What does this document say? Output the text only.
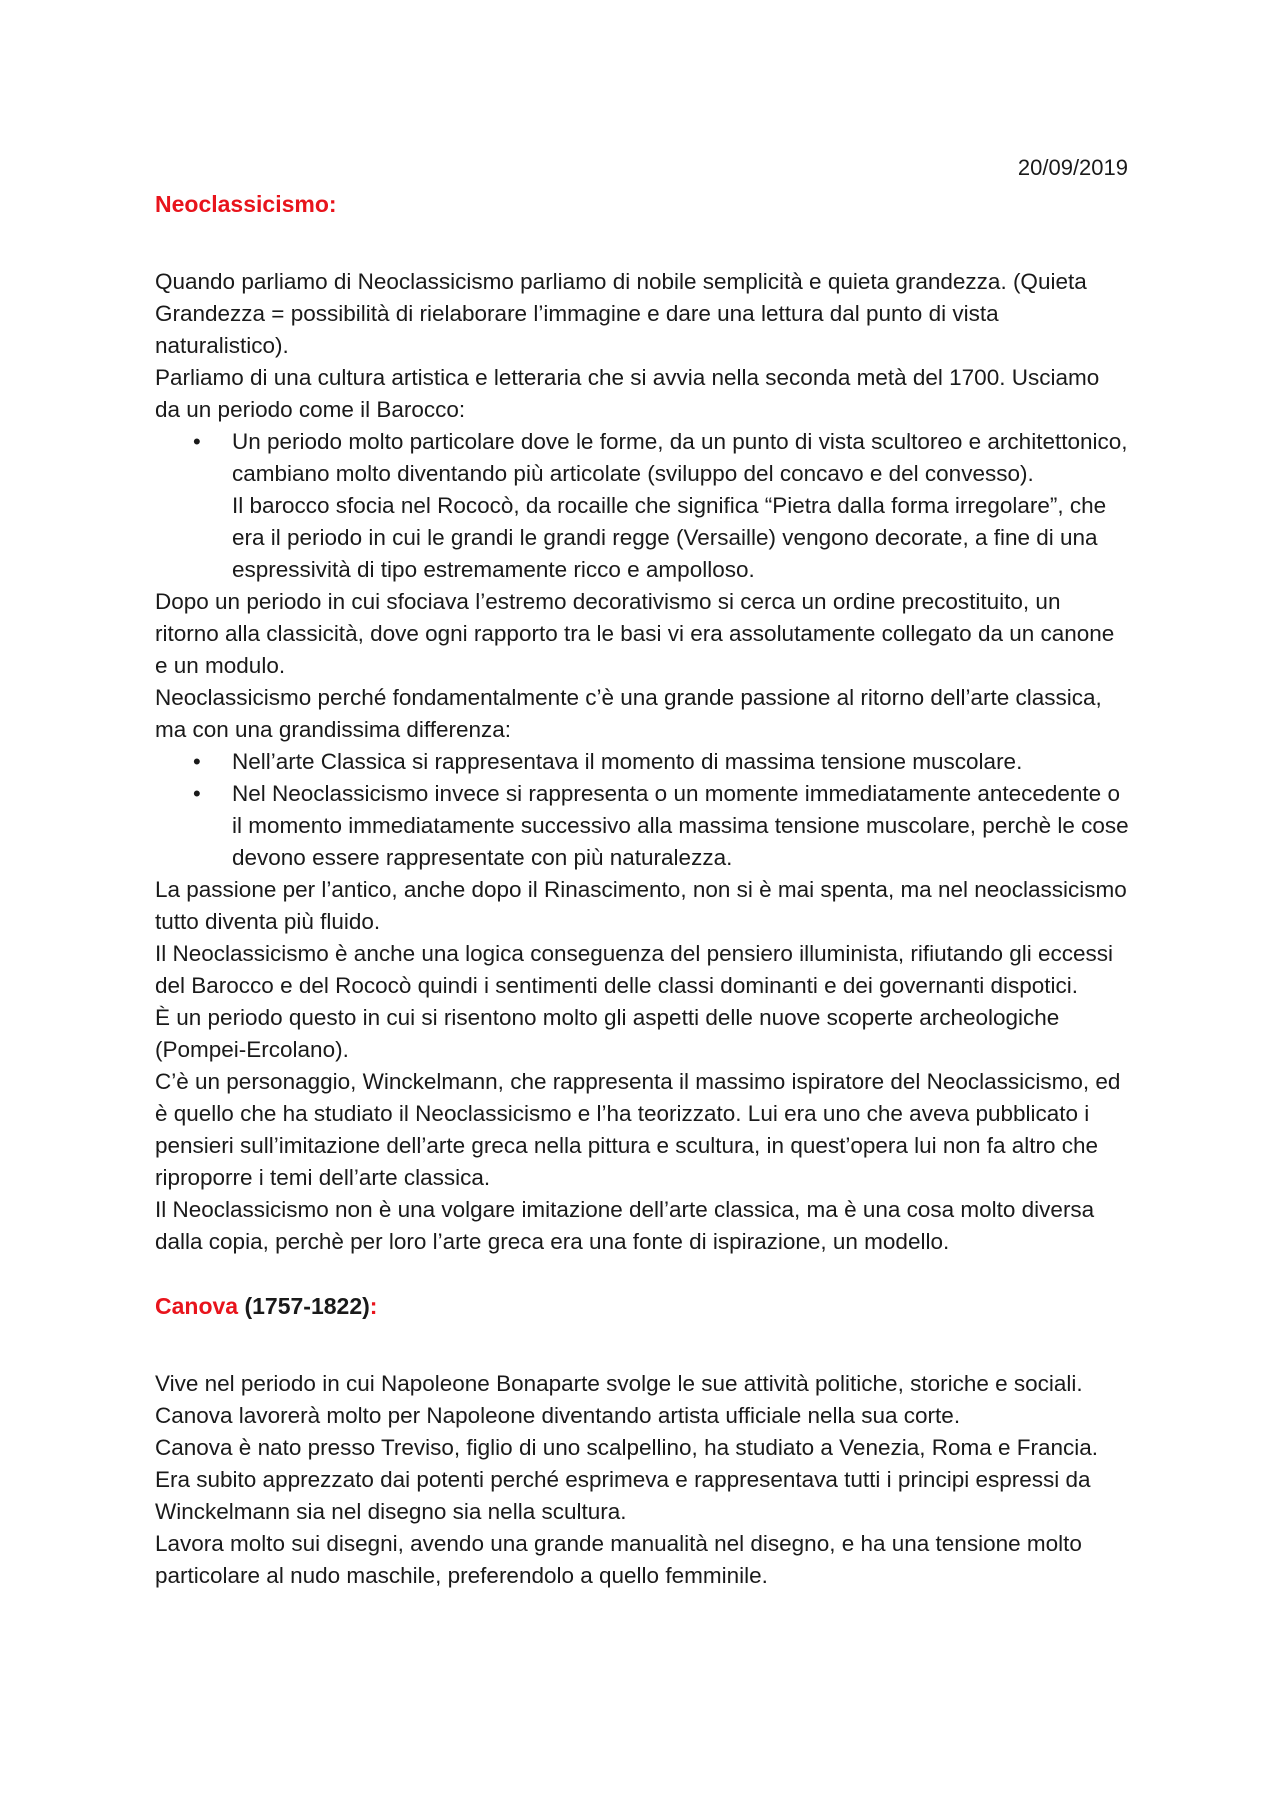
20/09/2019
Neoclassicismo:

Quando parliamo di Neoclassicismo parliamo di nobile semplicità e quieta grandezza. (Quieta Grandezza = possibilità di rielaborare l’immagine e dare una lettura dal punto di vista naturalistico).

Parliamo di una cultura artistica e letteraria che si avvia nella seconda metà del 1700. Usciamo da un periodo come il Barocco:

• Un periodo molto particolare dove le forme, da un punto di vista scultoreo e architettonico, cambiano molto diventando più articolate (sviluppo del concavo e del convesso).

Il barocco sfocia nel Rococò, da rocaille che significa “Pietra dalla forma irregolare”, che era il periodo in cui le grandi le grandi regge (Versaille) vengono decorate, a fine di una espressività di tipo estremamente ricco e ampolloso.

Dopo un periodo in cui sfociava l’estremo decorativismo si cerca un ordine precostituito, un ritorno alla classicità, dove ogni rapporto tra le basi vi era assolutamente collegato da un canone e un modulo.

Neoclassicismo perché fondamentalmente c’è una grande passione al ritorno dell’arte classica, ma con una grandissima differenza:

• Nell’arte Classica si rappresentava il momento di massima tensione muscolare.
• Nel Neoclassicismo invece si rappresenta o un momente immediatamente antecedente o il momento immediatamente successivo alla massima tensione muscolare, perchè le cose devono essere rappresentate con più naturalezza.

La passione per l’antico, anche dopo il Rinascimento, non si è mai spenta, ma nel neoclassicismo tutto diventa più fluido.

Il Neoclassicismo è anche una logica conseguenza del pensiero illuminista, rifiutando gli eccessi del Barocco e del Rococò quindi i sentimenti delle classi dominanti e dei governanti dispotici.

È un periodo questo in cui si risentono molto gli aspetti delle nuove scoperte archeologiche (Pompei-Ercolano).

C’è un personaggio, Winckelmann, che rappresenta il massimo ispiratore del Neoclassicismo, ed è quello che ha studiato il Neoclassicismo e l’ha teorizzato. Lui era uno che aveva pubblicato i pensieri sull’imitazione dell’arte greca nella pittura e scultura, in quest’opera lui non fa altro che riproporre i temi dell’arte classica.

Il Neoclassicismo non è una volgare imitazione dell’arte classica, ma è una cosa molto diversa dalla copia, perchè per loro l’arte greca era una fonte di ispirazione, un modello.

Canova (1757-1822):

Vive nel periodo in cui Napoleone Bonaparte svolge le sue attività politiche, storiche e sociali.

Canova lavorerà molto per Napoleone diventando artista ufficiale nella sua corte.

Canova è nato presso Treviso, figlio di uno scalpellino, ha studiato a Venezia, Roma e Francia.

Era subito apprezzato dai potenti perché esprimeva e rappresentava tutti i principi espressi da Winckelmann sia nel disegno sia nella scultura.

Lavora molto sui disegni, avendo una grande manualità nel disegno, e ha una tensione molto particolare al nudo maschile, preferendolo a quello femminile.
